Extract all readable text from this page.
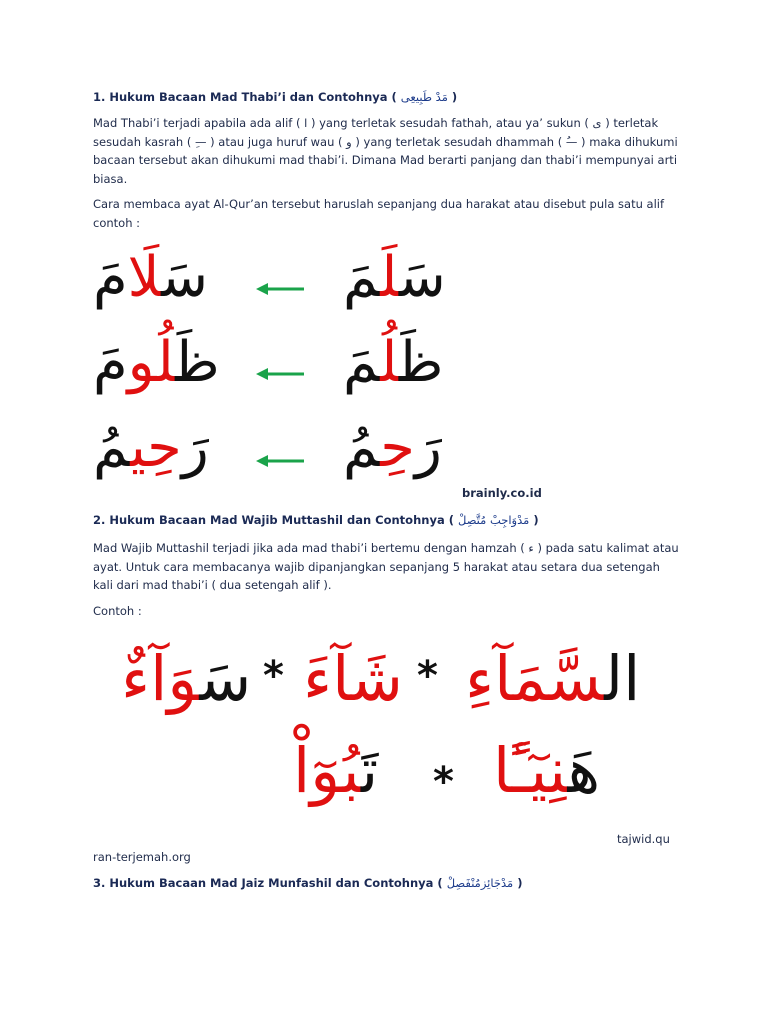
1. Hukum Bacaan Mad Thabi’i dan Contohnya ( مَدْ طَبِيعِى )

Mad Thabi’i terjadi apabila ada alif ( ا ) yang terletak sesudah fathah, atau ya’ sukun ( ى ) terletak sesudah kasrah ( —ِ ) atau juga huruf wau ( و ) yang terletak sesudah dhammah ( —ُ ) maka dihukumi bacaan tersebut akan dihukumi mad thabi’i. Dimana Mad berarti panjang dan thabi’i mempunyai arti biasa.

Cara membaca ayat Al-Qur’an tersebut haruslah sepanjang dua harakat atau disebut pula satu alif contoh :

سَلَامَ	سَلَمَ
ظَلُومَ	ظَلُمَ
رَحِيمُ	رَحِمُ
brainly.co.id
2. Hukum Bacaan Mad Wajib Muttashil dan Contohnya ( مَدْوَاجِبْ مُتَّصِلْ )

Mad Wajib Muttashil terjadi jika ada mad thabi’i bertemu dengan hamzah ( ء ) pada satu kalimat atau ayat. Untuk cara membacanya wajib dipanjangkan sepanjang 5 harakat atau setara dua setengah kali dari mad thabi’i ( dua setengah alif ).

Contoh :

السَّمَآءِ
*
شَآءَ
*
سَوَآءٌ
هَنِيٓـًٔا
*
تَبُوٓاْ
tajwid.qu
ran-terjemah.org
3. Hukum Bacaan Mad Jaiz Munfashil dan Contohnya ( مَدْجَائِزمُنْفَصِلْ )
